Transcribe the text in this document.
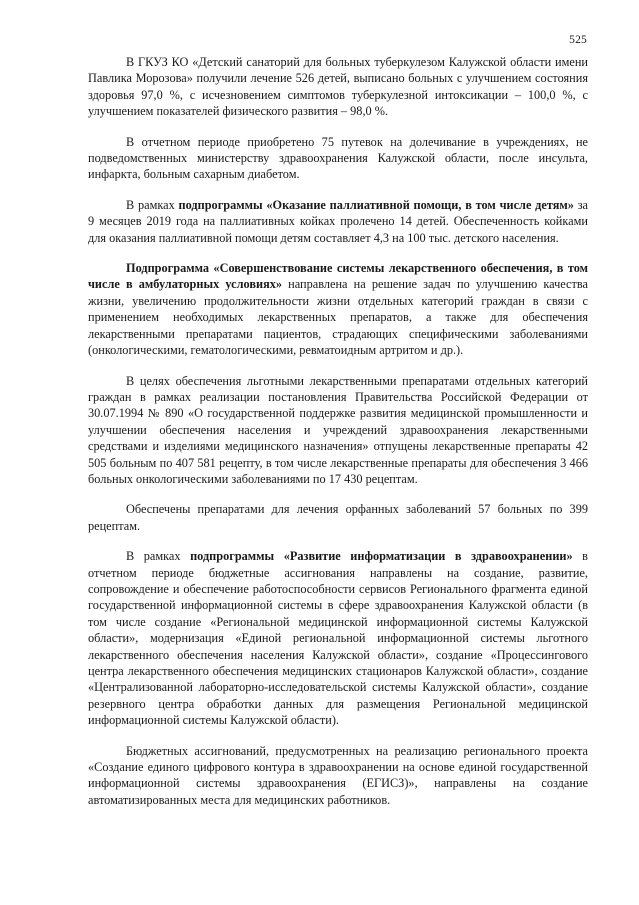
525

В ГКУЗ КО «Детский санаторий для больных туберкулезом Калужской области имени Павлика Морозова» получили лечение 526 детей, выписано больных с улучшением состояния здоровья 97,0 %, с исчезновением симптомов туберкулезной интоксикации – 100,0 %, с улучшением показателей физического развития – 98,0 %.

В отчетном периоде приобретено 75 путевок на долечивание в учреждениях, не подведомственных министерству здравоохранения Калужской области, после инсульта, инфаркта, больным сахарным диабетом.

В рамках подпрограммы «Оказание паллиативной помощи, в том числе детям» за 9 месяцев 2019 года на паллиативных койках пролечено 14 детей. Обеспеченность койками для оказания паллиативной помощи детям составляет 4,3 на 100 тыс. детского населения.

Подпрограмма «Совершенствование системы лекарственного обеспечения, в том числе в амбулаторных условиях» направлена на решение задач по улучшению качества жизни, увеличению продолжительности жизни отдельных категорий граждан в связи с применением необходимых лекарственных препаратов, а также для обеспечения лекарственными препаратами пациентов, страдающих специфическими заболеваниями (онкологическими, гематологическими, ревматоидным артритом и др.).

В целях обеспечения льготными лекарственными препаратами отдельных категорий граждан в рамках реализации постановления Правительства Российской Федерации от 30.07.1994 № 890 «О государственной поддержке развития медицинской промышленности и улучшении обеспечения населения и учреждений здравоохранения лекарственными средствами и изделиями медицинского назначения» отпущены лекарственные препараты 42 505 больным по 407 581 рецепту, в том числе лекарственные препараты для обеспечения 3 466 больных онкологическими заболеваниями по 17 430 рецептам.

Обеспечены препаратами для лечения орфанных заболеваний 57 больных по 399 рецептам.

В рамках подпрограммы «Развитие информатизации в здравоохранении» в отчетном периоде бюджетные ассигнования направлены на создание, развитие, сопровождение и обеспечение работоспособности сервисов Регионального фрагмента единой государственной информационной системы в сфере здравоохранения Калужской области (в том числе создание «Региональной медицинской информационной системы Калужской области», модернизация «Единой региональной информационной системы льготного лекарственного обеспечения населения Калужской области», создание «Процессингового центра лекарственного обеспечения медицинских стационаров Калужской области», создание «Централизованной лабораторно-исследовательской системы Калужской области», создание резервного центра обработки данных для размещения Региональной медицинской информационной системы Калужской области).

Бюджетных ассигнований, предусмотренных на реализацию регионального проекта «Создание единого цифрового контура в здравоохранении на основе единой государственной информационной системы здравоохранения (ЕГИСЗ)», направлены на создание автоматизированных места для медицинских работников.
